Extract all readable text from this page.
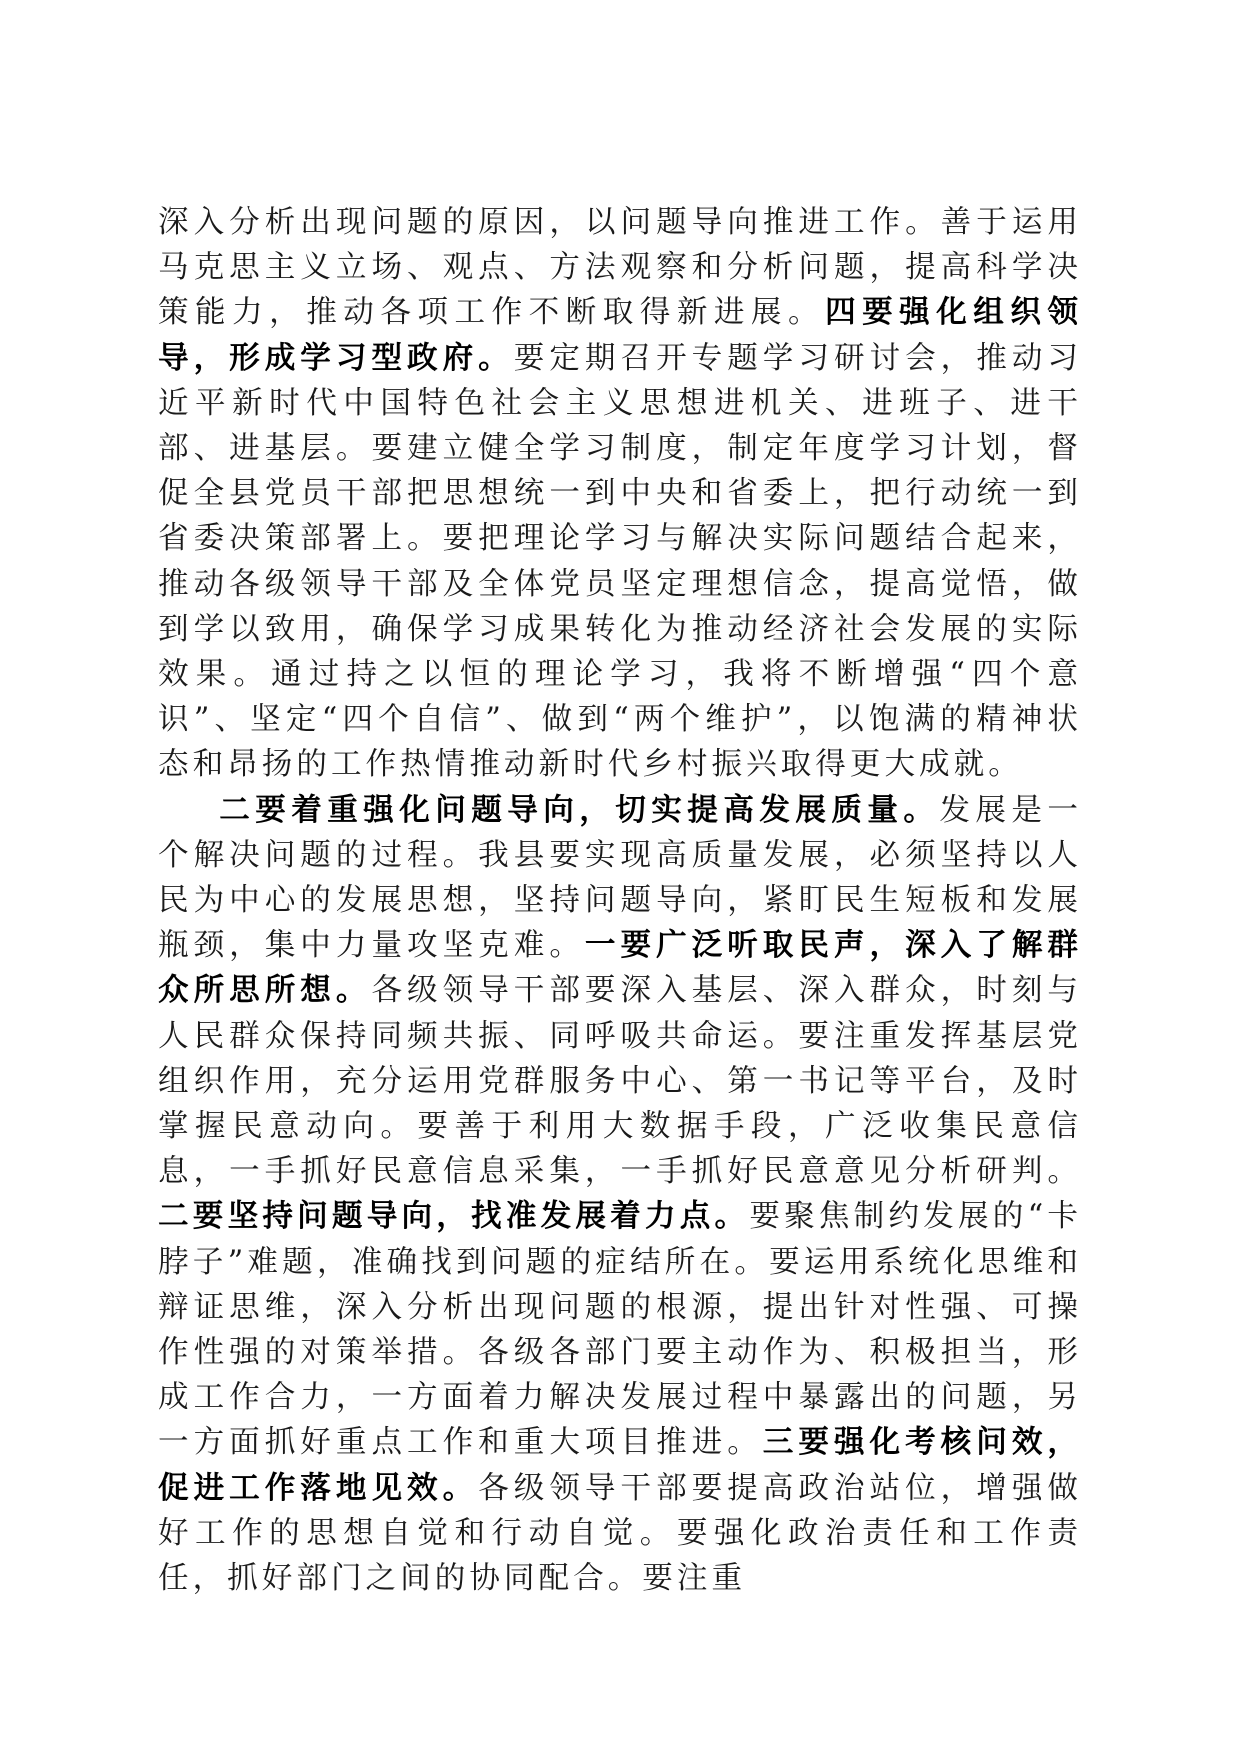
深入分析出现问题的原因，以问题导向推进工作。善于运用马克思主义立场、观点、方法观察和分析问题，提高科学决策能力，推动各项工作不断取得新进展。四要强化组织领导，形成学习型政府。要定期召开专题学习研讨会，推动习近平新时代中国特色社会主义思想进机关、进班子、进干部、进基层。要建立健全学习制度，制定年度学习计划，督促全县党员干部把思想统一到中央和省委上，把行动统一到省委决策部署上。要把理论学习与解决实际问题结合起来，推动各级领导干部及全体党员坚定理想信念，提高觉悟，做到学以致用，确保学习成果转化为推动经济社会发展的实际效果。通过持之以恒的理论学习，我将不断增强“四个意识”、坚定“四个自信”、做到“两个维护”，以饱满的精神状态和昂扬的工作热情推动新时代乡村振兴取得更大成就。

二要着重强化问题导向，切实提高发展质量。发展是一个解决问题的过程。我县要实现高质量发展，必须坚持以人民为中心的发展思想，坚持问题导向，紧盯民生短板和发展瓶颈，集中力量攻坚克难。一要广泛听取民声，深入了解群众所思所想。各级领导干部要深入基层、深入群众，时刻与人民群众保持同频共振、同呼吸共命运。要注重发挥基层党组织作用，充分运用党群服务中心、第一书记等平台，及时掌握民意动向。要善于利用大数据手段，广泛收集民意信息，一手抓好民意信息采集，一手抓好民意意见分析研判。二要坚持问题导向，找准发展着力点。要聚焦制约发展的“卡脖子”难题，准确找到问题的症结所在。要运用系统化思维和辩证思维，深入分析出现问题的根源，提出针对性强、可操作性强的对策举措。各级各部门要主动作为、积极担当，形成工作合力，一方面着力解决发展过程中暴露出的问题，另一方面抓好重点工作和重大项目推进。三要强化考核问效，促进工作落地见效。各级领导干部要提高政治站位，增强做好工作的思想自觉和行动自觉。要强化政治责任和工作责任，抓好部门之间的协同配合。要注重
